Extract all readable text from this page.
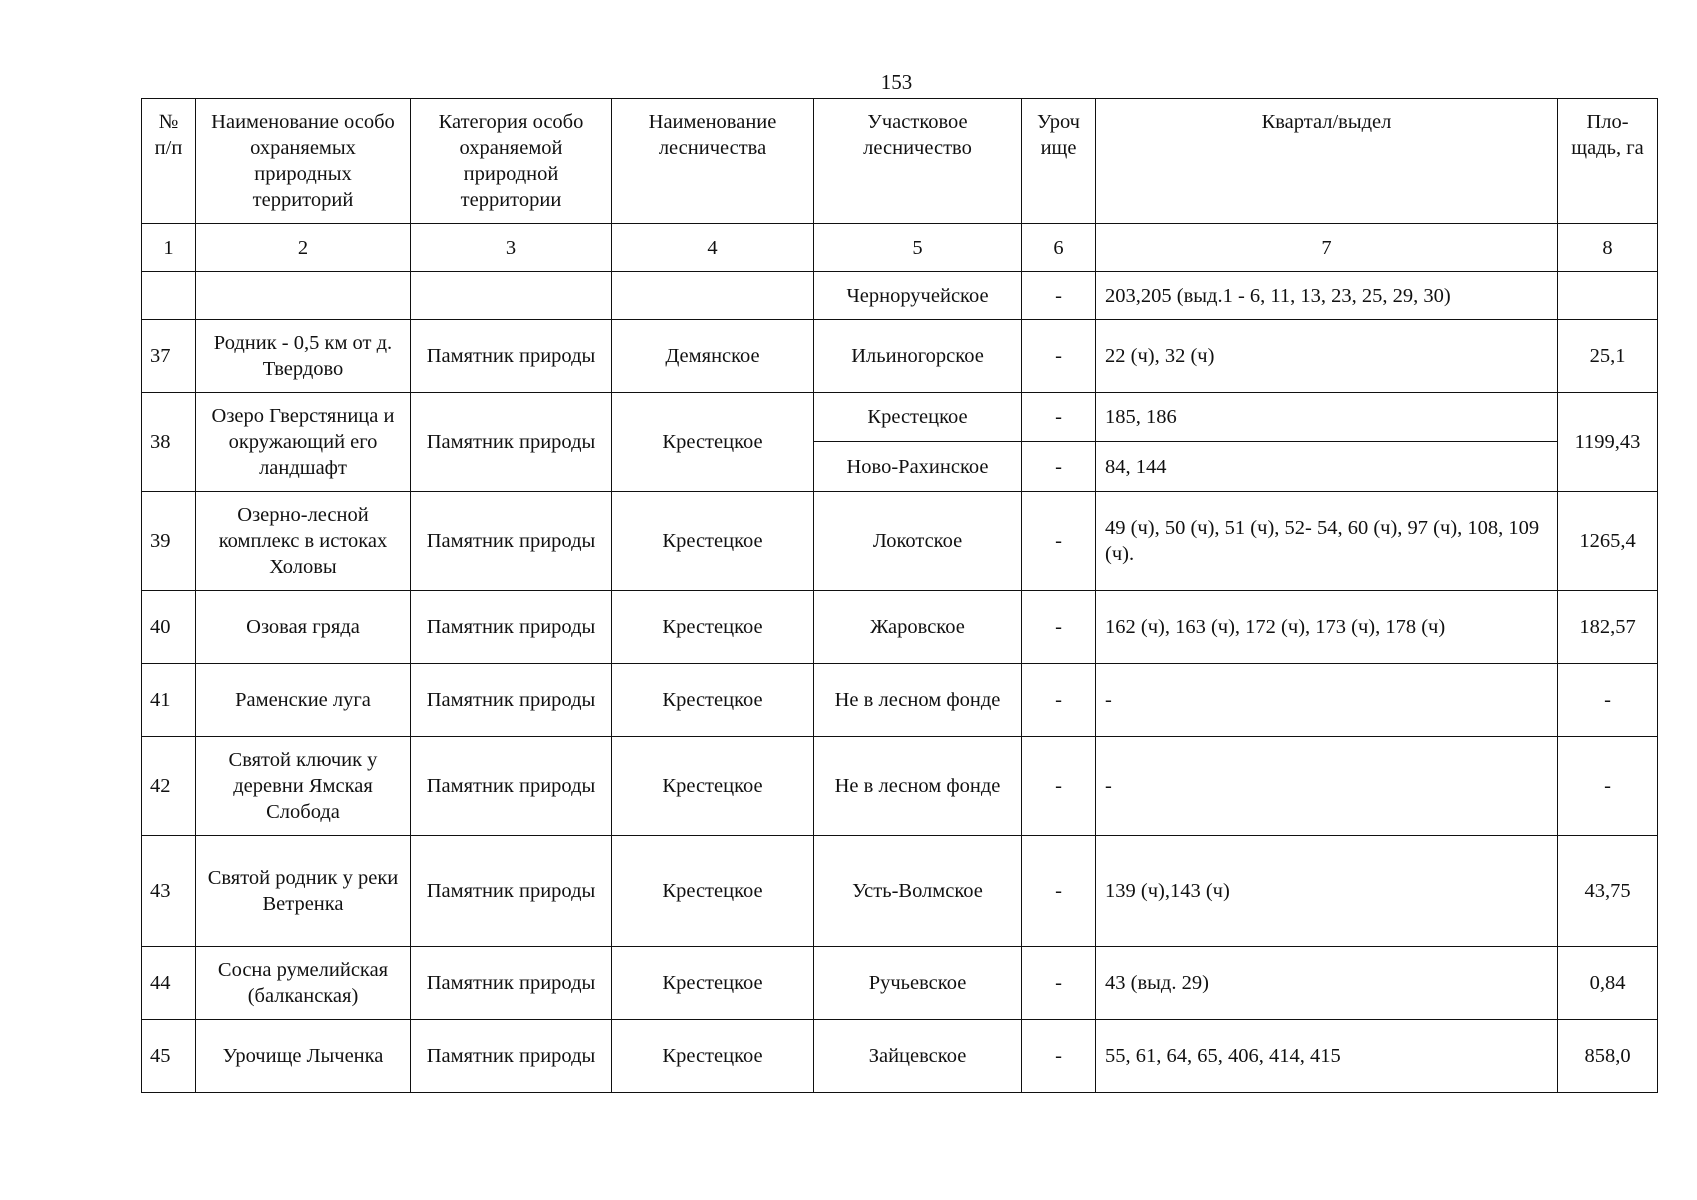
153
№ п/п	Наименование особо охраняемых природных территорий	Категория особо охраняемой природной территории	Наименование лесничества	Участковое лесничество	Уроч ище	Квартал/выдел	Пло-щадь, га
1	2	3	4	5	6	7	8
				Черноручейское	-	203,205 (выд.1 - 6, 11, 13, 23, 25, 29, 30)	
37	Родник - 0,5 км от д. Твердово	Памятник природы	Демянское	Ильиногорское	-	22 (ч), 32 (ч)	25,1
38	Озеро Гверстяница и окружающий его ландшафт	Памятник природы	Крестецкое	Крестецкое	-	185, 186	1199,43
				Ново-Рахинское	-	84, 144	
39	Озерно-лесной комплекс в истоках Холовы	Памятник природы	Крестецкое	Локотское	-	49 (ч), 50 (ч), 51 (ч), 52- 54, 60 (ч), 97 (ч), 108, 109 (ч).	1265,4
40	Озовая гряда	Памятник природы	Крестецкое	Жаровское	-	162 (ч), 163 (ч), 172 (ч), 173 (ч), 178 (ч)	182,57
41	Раменские луга	Памятник природы	Крестецкое	Не в лесном фонде	-	-	-
42	Святой ключик у деревни Ямская Слобода	Памятник природы	Крестецкое	Не в лесном фонде	-	-	-
43	Святой родник у реки Ветренка	Памятник природы	Крестецкое	Усть-Волмское	-	139 (ч),143 (ч)	43,75
44	Сосна румелийская (балканская)	Памятник природы	Крестецкое	Ручьевское	-	43 (выд. 29)	0,84
45	Урочище Лыченка	Памятник природы	Крестецкое	Зайцевское	-	55, 61, 64, 65, 406, 414, 415	858,0
